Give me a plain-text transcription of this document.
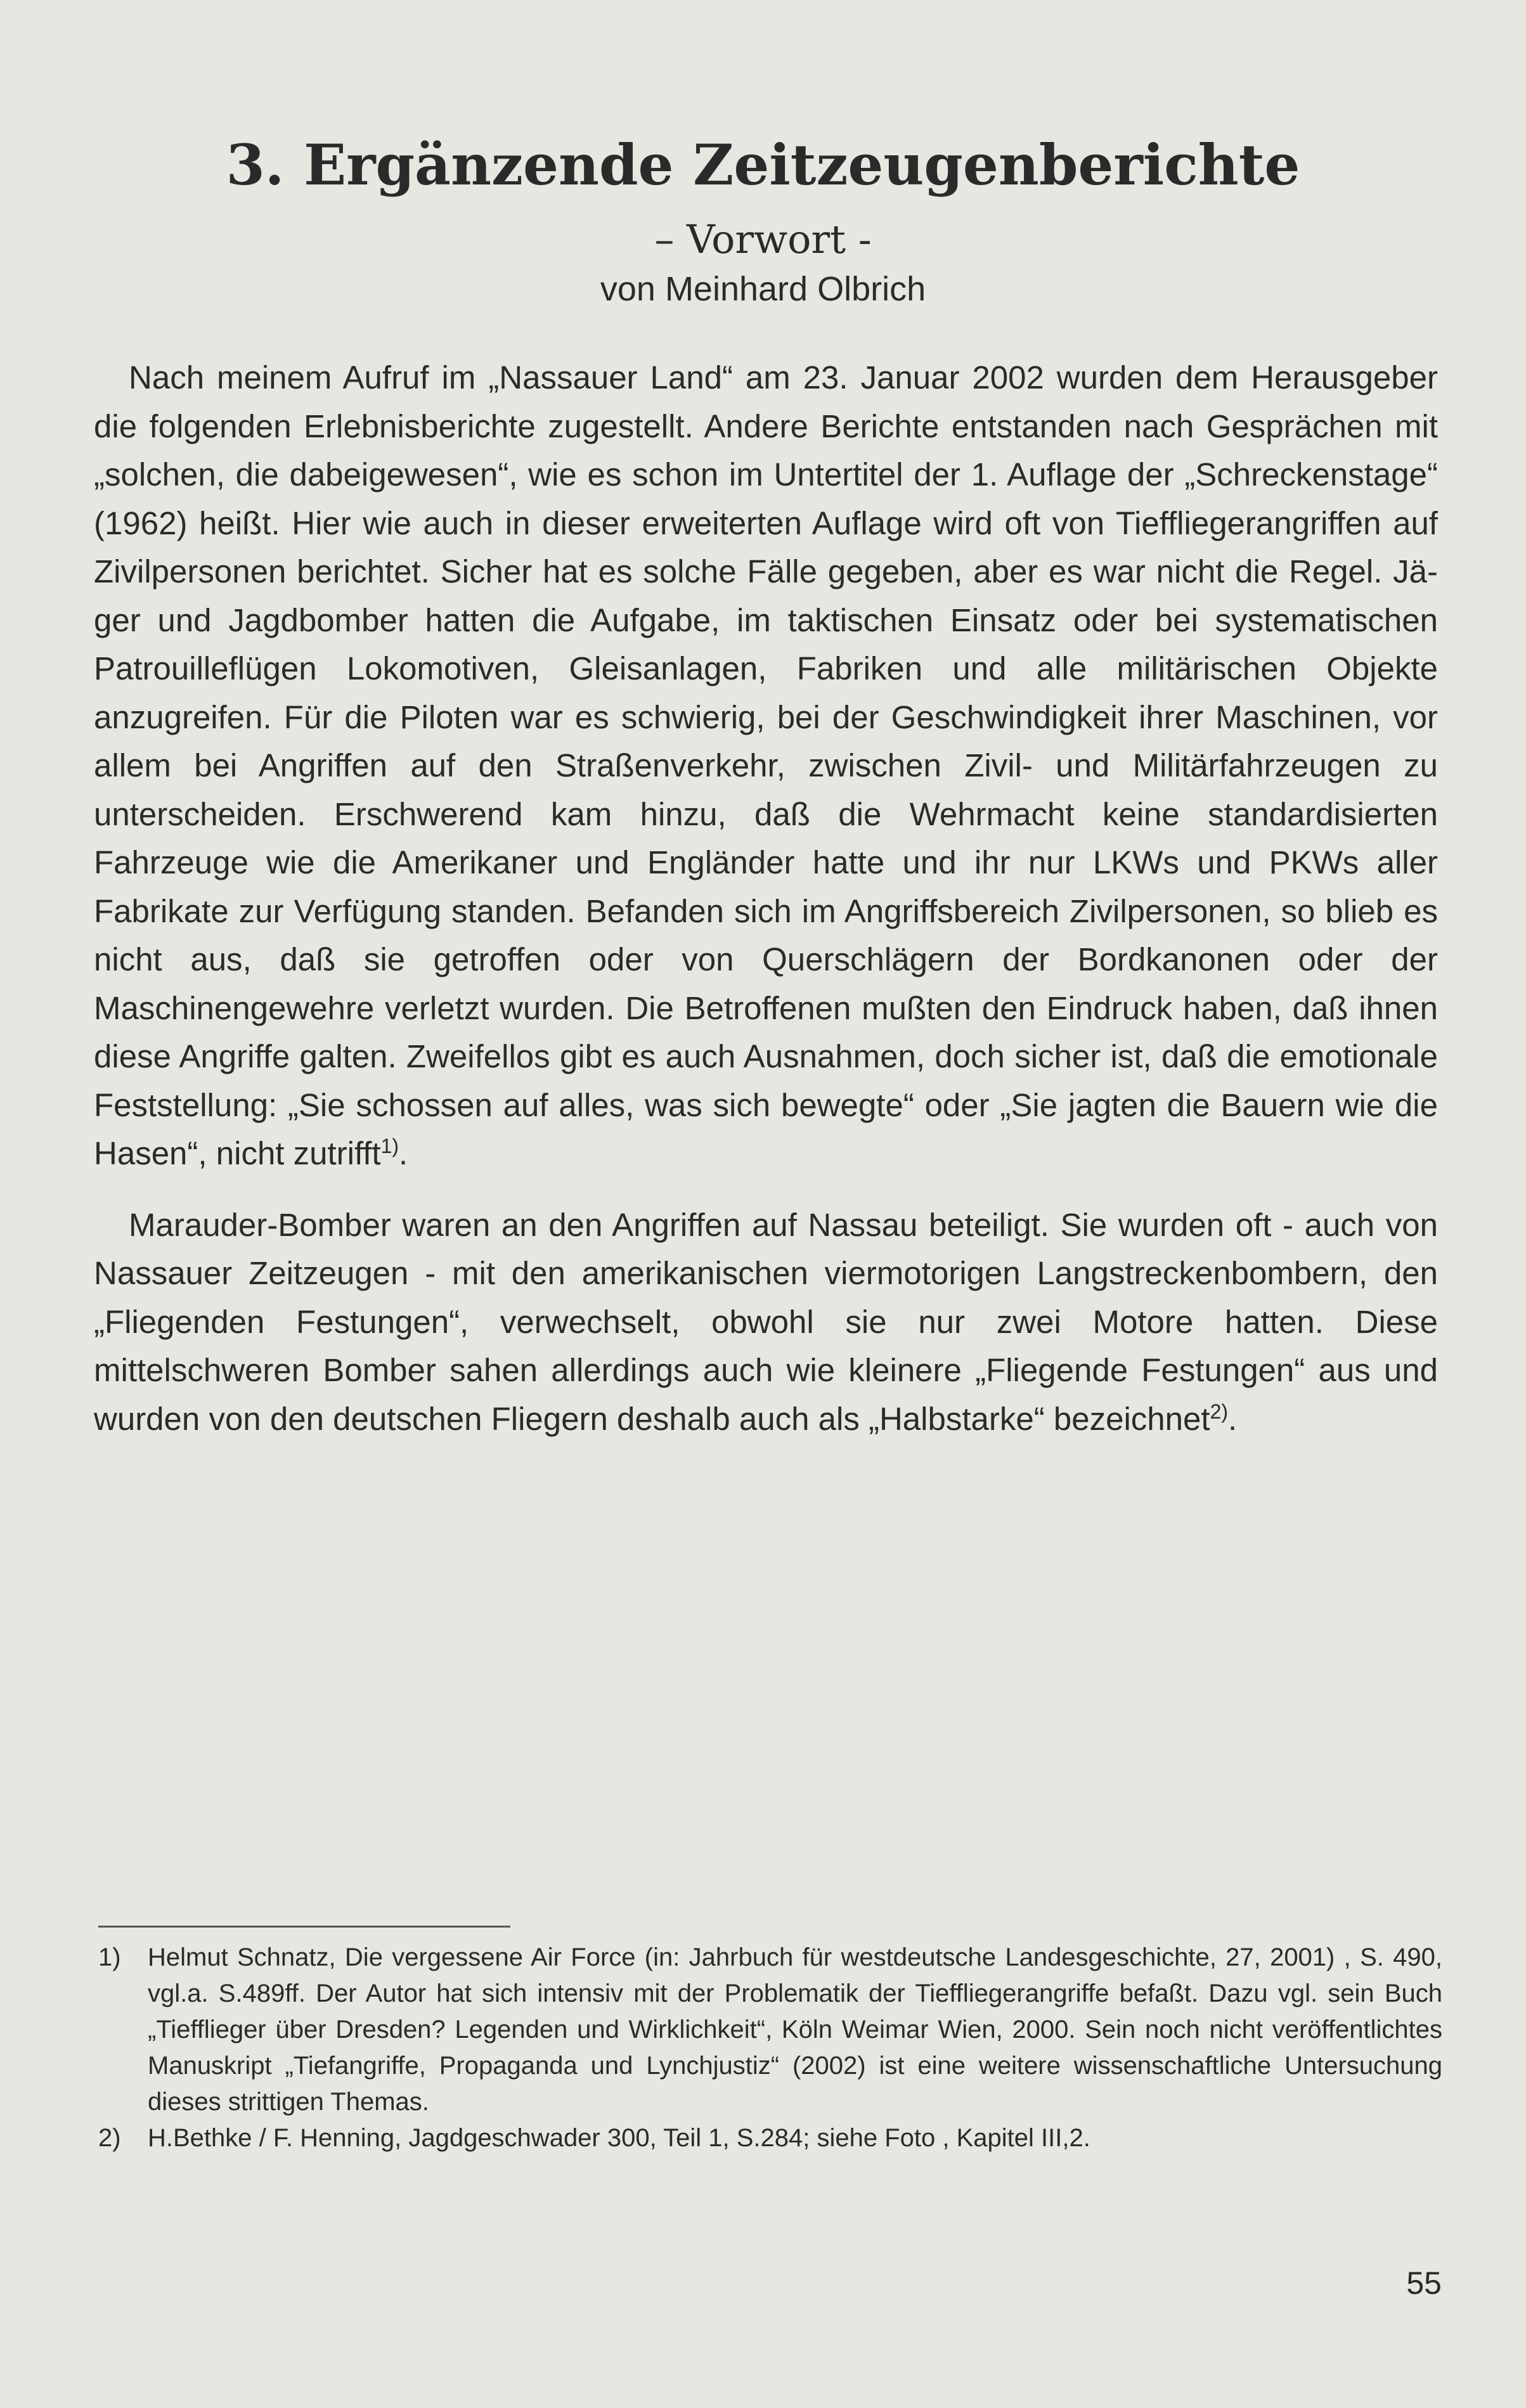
3. Ergänzende Zeitzeugenberichte
– Vorwort -
von Meinhard Olbrich

Nach meinem Aufruf im „Nassauer Land“ am 23. Januar 2002 wurden dem Herausgeber die folgenden Erlebnisberichte zugestellt. Andere Berichte entstanden nach Gesprächen mit „solchen, die dabeigewesen“, wie es schon im Untertitel der 1. Auflage der „Schreckenstage“ (1962) heißt. Hier wie auch in dieser erweiterten Auflage wird oft von Tieffliegerangriffen auf Zivilpersonen berichtet. Sicher hat es solche Fälle gegeben, aber es war nicht die Regel. Jäger und Jagdbomber hatten die Aufgabe, im taktischen Einsatz oder bei systematischen Patrouilleflügen Lokomotiven, Gleisanlagen, Fabriken und alle militärischen Objekte anzugreifen. Für die Piloten war es schwierig, bei der Geschwindigkeit ihrer Maschinen, vor allem bei Angriffen auf den Straßenverkehr, zwischen Zivil- und Militärfahrzeugen zu unterscheiden. Erschwerend kam hinzu, daß die Wehrmacht keine standardisierten Fahrzeuge wie die Amerikaner und Engländer hatte und ihr nur LKWs und PKWs aller Fabrikate zur Verfügung standen. Befanden sich im Angriffsbereich Zivilpersonen, so blieb es nicht aus, daß sie getroffen oder von Querschlägern der Bordkanonen oder der Maschinengewehre verletzt wurden. Die Betroffenen mußten den Eindruck haben, daß ihnen diese Angriffe galten. Zweifellos gibt es auch Ausnahmen, doch sicher ist, daß die emotionale Feststellung: „Sie schossen auf alles, was sich bewegte“ oder „Sie jagten die Bauern wie die Hasen“, nicht zutrifft$^{1)}$.

Marauder-Bomber waren an den Angriffen auf Nassau beteiligt. Sie wurden oft - auch von Nassauer Zeitzeugen - mit den amerikanischen viermotorigen Langstreckenbombern, den „Fliegenden Festungen“, verwechselt, obwohl sie nur zwei Motore hatten. Diese mittelschweren Bomber sahen allerdings auch wie kleinere „Fliegende Festungen“ aus und wurden von den deutschen Fliegern deshalb auch als „Halbstarke“ bezeichnet$^{2)}$.

1)	Helmut Schnatz, Die vergessene Air Force (in: Jahrbuch für westdeutsche Landesgeschichte, 27, 2001) , S. 490, vgl.a. S.489ff. Der Autor hat sich intensiv mit der Problematik der Tieffliegerangriffe befaßt. Dazu vgl. sein Buch „Tiefflieger über Dresden? Legenden und Wirklichkeit“, Köln Weimar Wien, 2000. Sein noch nicht veröffentlichtes Manuskript „Tiefangriffe, Propaganda und Lynchjustiz“ (2002) ist eine weitere wissenschaftliche Untersuchung dieses strittigen Themas.
2)	H.Bethke / F. Henning, Jagdgeschwader 300, Teil 1, S.284; siehe Foto , Kapitel III,2.
55
